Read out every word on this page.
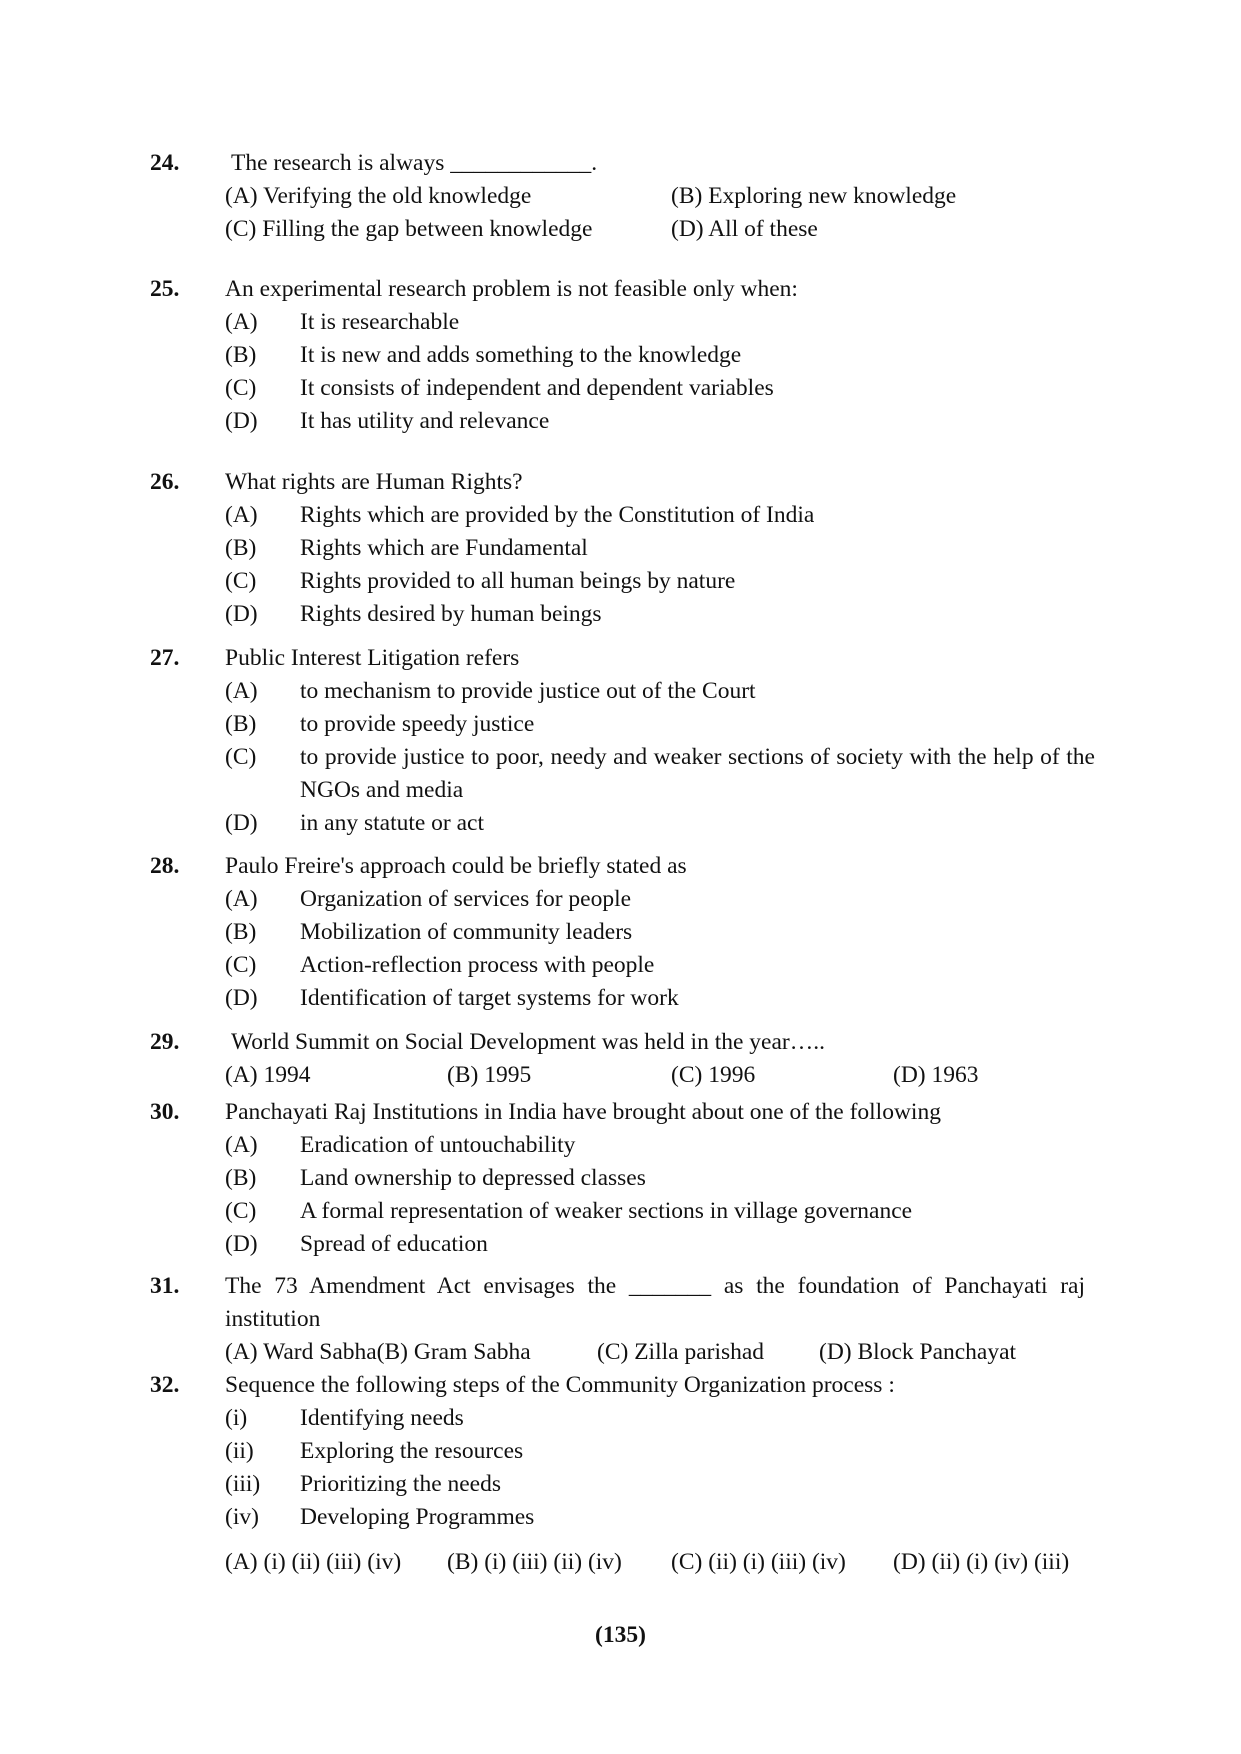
24. The research is always ____________.
(A) Verifying the old knowledge	(B) Exploring new knowledge
(C) Filling the gap between knowledge	(D) All of these
25. An experimental research problem is not feasible only when:
(A)	It is researchable
(B)	It is new and adds something to the knowledge
(C)	It consists of independent and dependent variables
(D)	It has utility and relevance
26. What rights are Human Rights?
(A)	Rights which are provided by the Constitution of India
(B)	Rights which are Fundamental
(C)	Rights provided to all human beings by nature
(D)	Rights desired by human beings
27. Public Interest Litigation refers
(A)	to mechanism to provide justice out of the Court
(B)	to provide speedy justice
(C)	to provide justice to poor, needy and weaker sections of society with the help of the NGOs and media
(D)	in any statute or act
28. Paulo Freire's approach could be briefly stated as
(A)	Organization of services for people
(B)	Mobilization of community leaders
(C)	Action-reflection process with people
(D)	Identification of target systems for work
29. World Summit on Social Development was held in the year…..
(A) 1994	(B) 1995	(C) 1996	(D) 1963
30. Panchayati Raj Institutions in India have brought about one of the following
(A)	Eradication of untouchability
(B)	Land ownership to depressed classes
(C)	A formal representation of weaker sections in village governance
(D)	Spread of education
31. The 73 Amendment Act envisages the _______ as the foundation of Panchayati raj
institution
(A) Ward Sabha(B) Gram Sabha	(C) Zilla parishad (D) Block Panchayat
32. Sequence the following steps of the Community Organization process :
(i)	Identifying needs
(ii)	Exploring the resources
(iii)	Prioritizing the needs
(iv)	Developing Programmes
(A) (i) (ii) (iii) (iv) (B) (i) (iii) (ii) (iv) (C) (ii) (i) (iii) (iv) (D) (ii) (i) (iv) (iii)
(135)
